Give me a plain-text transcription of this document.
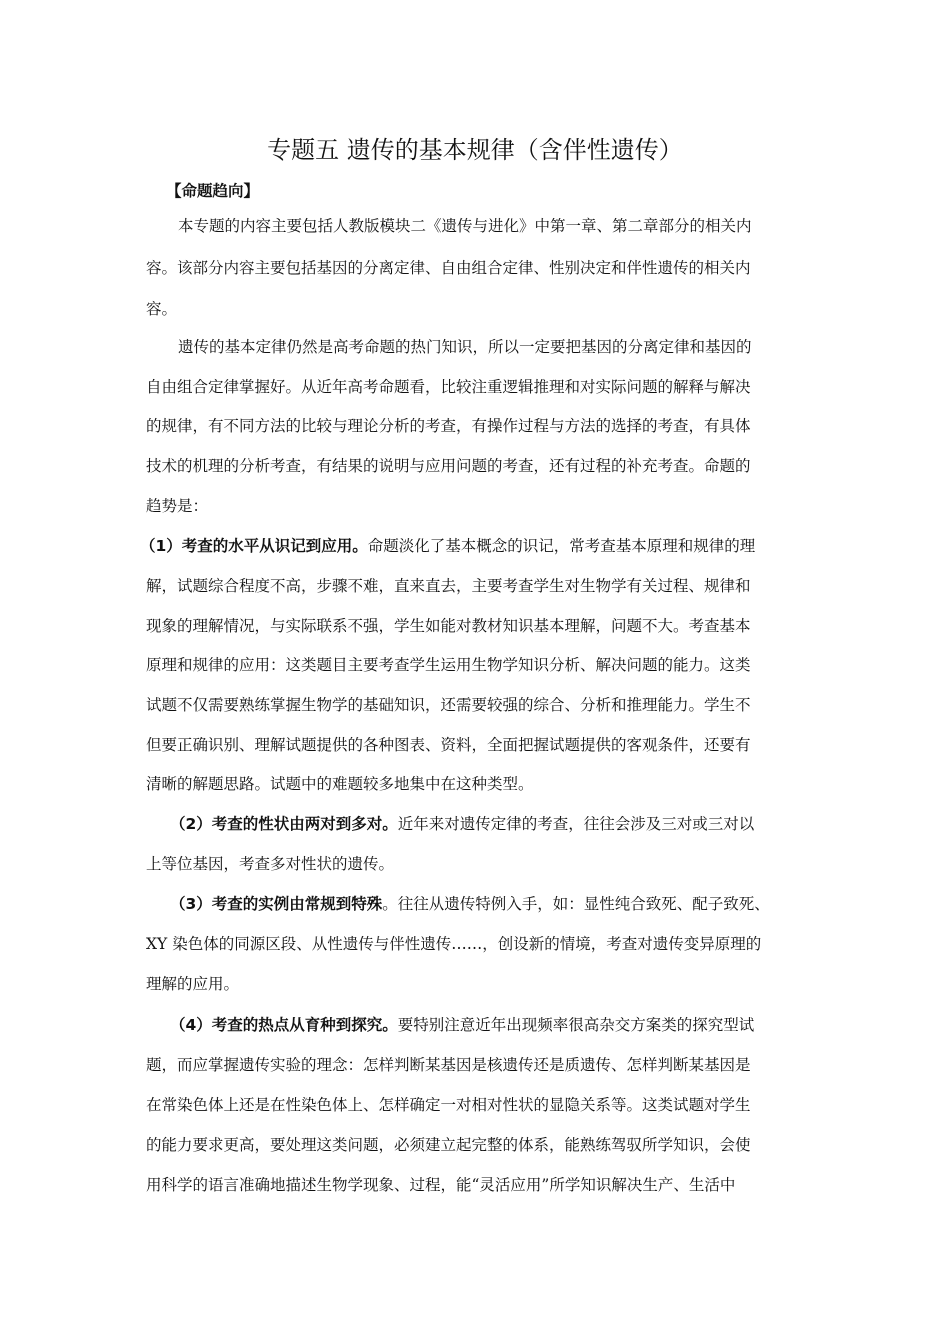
专题五 遗传的基本规律（含伴性遗传）
【命题趋向】
本专题的内容主要包括人教版模块二《遗传与进化》中第一章、第二章部分的相关内
容。该部分内容主要包括基因的分离定律、自由组合定律、性别决定和伴性遗传的相关内
容。
遗传的基本定律仍然是高考命题的热门知识，所以一定要把基因的分离定律和基因的
自由组合定律掌握好。从近年高考命题看，比较注重逻辑推理和对实际问题的解释与解决
的规律，有不同方法的比较与理论分析的考查，有操作过程与方法的选择的考查，有具体
技术的机理的分析考查，有结果的说明与应用问题的考查，还有过程的补充考查。命题的
趋势是：
（1）考查的水平从识记到应用。命题淡化了基本概念的识记，常考查基本原理和规律的理
解，试题综合程度不高，步骤不难，直来直去，主要考查学生对生物学有关过程、规律和
现象的理解情况，与实际联系不强，学生如能对教材知识基本理解，问题不大。考查基本
原理和规律的应用：这类题目主要考查学生运用生物学知识分析、解决问题的能力。这类
试题不仅需要熟练掌握生物学的基础知识，还需要较强的综合、分析和推理能力。学生不
但要正确识别、理解试题提供的各种图表、资料，全面把握试题提供的客观条件，还要有
清晰的解题思路。试题中的难题较多地集中在这种类型。
（2）考查的性状由两对到多对。近年来对遗传定律的考查，往往会涉及三对或三对以
上等位基因，考查多对性状的遗传。
（3）考查的实例由常规到特殊。往往从遗传特例入手，如：显性纯合致死、配子致死、
XY 染色体的同源区段、从性遗传与伴性遗传……，创设新的情境，考查对遗传变异原理的
理解的应用。
（4）考查的热点从育种到探究。要特别注意近年出现频率很高杂交方案类的探究型试
题，而应掌握遗传实验的理念：怎样判断某基因是核遗传还是质遗传、怎样判断某基因是
在常染色体上还是在性染色体上、怎样确定一对相对性状的显隐关系等。这类试题对学生
的能力要求更高，要处理这类问题，必须建立起完整的体系，能熟练驾驭所学知识，会使
用科学的语言准确地描述生物学现象、过程，能“灵活应用”所学知识解决生产、生活中
